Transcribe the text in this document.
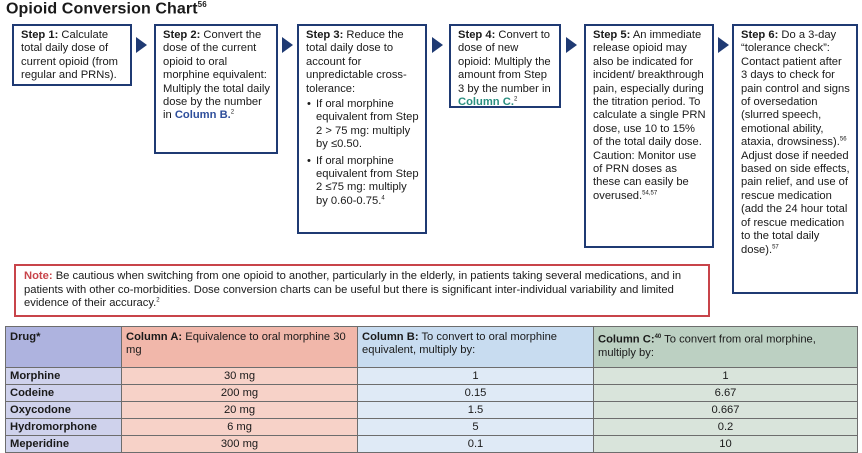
Opioid Conversion Chart$^{56}$
Step 1: Calculate total daily dose of current opioid (from regular and PRNs).
Step 2: Convert the dose of the current opioid to oral morphine equivalent: Multiply the total daily dose by the number in Column B.$^2$
Step 3: Reduce the total daily dose to account for unpredictable cross-tolerance:
• If oral morphine equivalent from Step 2 > 75 mg: multiply by ≤0.50.
• If oral morphine equivalent from Step 2 ≤75 mg: multiply by 0.60-0.75.$^4$
Step 4: Convert to dose of new opioid: Multiply the amount from Step 3 by the number in Column C.$^2$
Step 5: An immediate release opioid may also be indicated for incident/ breakthrough pain, especially during the titration period. To calculate a single PRN dose, use 10 to 15% of the total daily dose. Caution: Monitor use of PRN doses as these can easily be overused.$^{54,57}$
Step 6: Do a 3-day “tolerance check”: Contact patient after 3 days to check for pain control and signs of oversedation (slurred speech, emotional ability, ataxia, drowsiness).$^{56}$ Adjust dose if needed based on side effects, pain relief, and use of rescue medication (add the 24 hour total of rescue medication to the total daily dose).$^{57}$
Note: Be cautious when switching from one opioid to another, particularly in the elderly, in patients taking several medications, and in patients with other co-morbidities. Dose conversion charts can be useful but there is significant inter-individual variability and limited evidence of their accuracy.$^2$
Drug*	Column A: Equivalence to oral morphine 30 mg	Column B: To convert to oral morphine equivalent, multiply by:	Column C:$^{40}$ To convert from oral morphine, multiply by:
Morphine	30 mg	1	1
Codeine	200 mg	0.15	6.67
Oxycodone	20 mg	1.5	0.667
Hydromorphone	6 mg	5	0.2
Meperidine	300 mg	0.1	10
